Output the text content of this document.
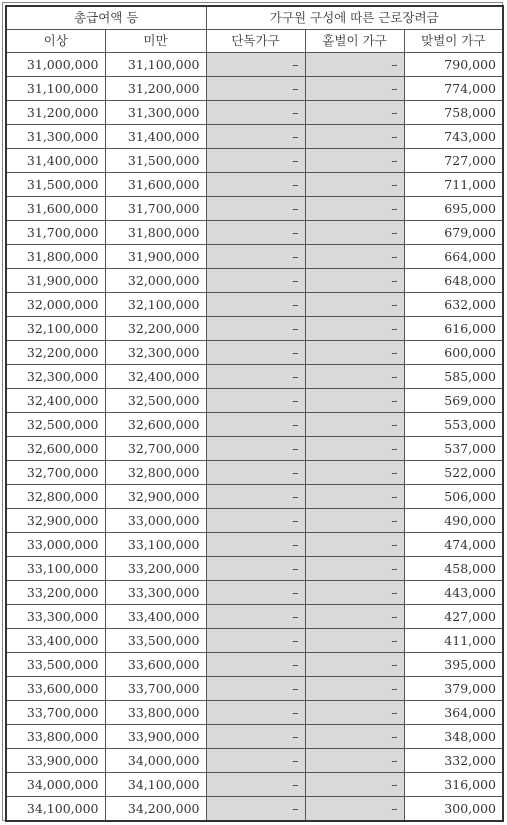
총급여액 등		가구원 구성에 따른 근로장려금		
이상	미만	단독가구	홑벌이 가구	맞벌이 가구
31,000,000	31,100,000	–	–	790,000
31,100,000	31,200,000	–	–	774,000
31,200,000	31,300,000	–	–	758,000
31,300,000	31,400,000	–	–	743,000
31,400,000	31,500,000	–	–	727,000
31,500,000	31,600,000	–	–	711,000
31,600,000	31,700,000	–	–	695,000
31,700,000	31,800,000	–	–	679,000
31,800,000	31,900,000	–	–	664,000
31,900,000	32,000,000	–	–	648,000
32,000,000	32,100,000	–	–	632,000
32,100,000	32,200,000	–	–	616,000
32,200,000	32,300,000	–	–	600,000
32,300,000	32,400,000	–	–	585,000
32,400,000	32,500,000	–	–	569,000
32,500,000	32,600,000	–	–	553,000
32,600,000	32,700,000	–	–	537,000
32,700,000	32,800,000	–	–	522,000
32,800,000	32,900,000	–	–	506,000
32,900,000	33,000,000	–	–	490,000
33,000,000	33,100,000	–	–	474,000
33,100,000	33,200,000	–	–	458,000
33,200,000	33,300,000	–	–	443,000
33,300,000	33,400,000	–	–	427,000
33,400,000	33,500,000	–	–	411,000
33,500,000	33,600,000	–	–	395,000
33,600,000	33,700,000	–	–	379,000
33,700,000	33,800,000	–	–	364,000
33,800,000	33,900,000	–	–	348,000
33,900,000	34,000,000	–	–	332,000
34,000,000	34,100,000	–	–	316,000
34,100,000	34,200,000	–	–	300,000
